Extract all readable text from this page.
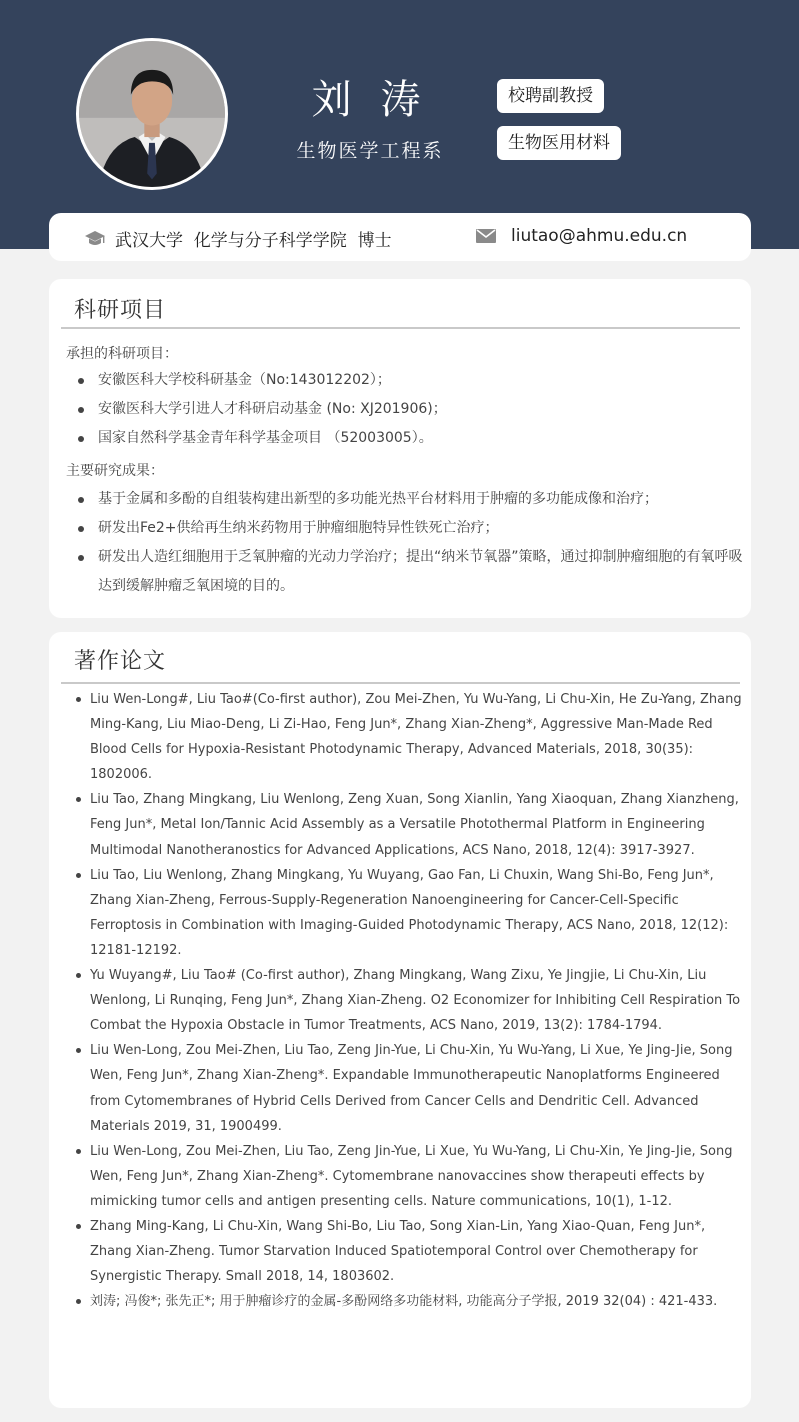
刘 涛
生物医学工程系
校聘副教授
生物医用材料
武汉大学  化学与分子科学学院  博士	liutao@ahmu.edu.cn
科研项目
承担的科研项目：
安徽医科大学校科研基金（No:143012202）；
安徽医科大学引进人才科研启动基金 (No: XJ201906)；
国家自然科学基金青年科学基金项目 （52003005）。
主要研究成果：
基于金属和多酚的自组装构建出新型的多功能光热平台材料用于肿瘤的多功能成像和治疗；
研发出Fe2+供给再生纳米药物用于肿瘤细胞特异性铁死亡治疗；
研发出人造红细胞用于乏氧肿瘤的光动力学治疗；提出“纳米节氧器”策略，通过抑制肿瘤细胞的有氧呼吸达到缓解肿瘤乏氧困境的目的。
著作论文
Liu Wen-Long#, Liu Tao#(Co-first author), Zou Mei-Zhen, Yu Wu-Yang, Li Chu-Xin, He Zu-Yang, Zhang Ming-Kang, Liu Miao-Deng, Li Zi-Hao, Feng Jun*, Zhang Xian-Zheng*, Aggressive Man-Made Red Blood Cells for Hypoxia-Resistant Photodynamic Therapy, Advanced Materials, 2018, 30(35): 1802006.
Liu Tao, Zhang Mingkang, Liu Wenlong, Zeng Xuan, Song Xianlin, Yang Xiaoquan, Zhang Xianzheng, Feng Jun*, Metal Ion/Tannic Acid Assembly as a Versatile Photothermal Platform in Engineering Multimodal Nanotheranostics for Advanced Applications, ACS Nano, 2018, 12(4): 3917-3927.
Liu Tao, Liu Wenlong, Zhang Mingkang, Yu Wuyang, Gao Fan, Li Chuxin, Wang Shi-Bo, Feng Jun*, Zhang Xian-Zheng, Ferrous-Supply-Regeneration Nanoengineering for Cancer-Cell-Specific Ferroptosis in Combination with Imaging-Guided Photodynamic Therapy, ACS Nano, 2018, 12(12): 12181-12192.
Yu Wuyang#, Liu Tao# (Co-first author), Zhang Mingkang, Wang Zixu, Ye Jingjie, Li Chu-Xin, Liu Wenlong, Li Runqing, Feng Jun*, Zhang Xian-Zheng. O2 Economizer for Inhibiting Cell Respiration To Combat the Hypoxia Obstacle in Tumor Treatments, ACS Nano, 2019, 13(2): 1784-1794.
Liu Wen-Long, Zou Mei-Zhen, Liu Tao, Zeng Jin-Yue, Li Chu-Xin, Yu Wu-Yang, Li Xue, Ye Jing-Jie, Song Wen, Feng Jun*, Zhang Xian-Zheng*. Expandable Immunotherapeutic Nanoplatforms Engineered from Cytomembranes of Hybrid Cells Derived from Cancer Cells and Dendritic Cell. Advanced Materials 2019, 31, 1900499.
Liu Wen-Long, Zou Mei-Zhen, Liu Tao, Zeng Jin-Yue, Li Xue, Yu Wu-Yang, Li Chu-Xin, Ye Jing-Jie, Song Wen, Feng Jun*, Zhang Xian-Zheng*. Cytomembrane nanovaccines show therapeuti effects by mimicking tumor cells and antigen presenting cells. Nature communications, 10(1), 1-12.
Zhang Ming-Kang, Li Chu-Xin, Wang Shi-Bo, Liu Tao, Song Xian-Lin, Yang Xiao-Quan, Feng Jun*, Zhang Xian-Zheng. Tumor Starvation Induced Spatiotemporal Control over Chemotherapy for Synergistic Therapy. Small 2018, 14, 1803602.
刘涛; 冯俊*; 张先正*; 用于肿瘤诊疗的金属-多酚网络多功能材料, 功能高分子学报, 2019 32(04) : 421-433.
